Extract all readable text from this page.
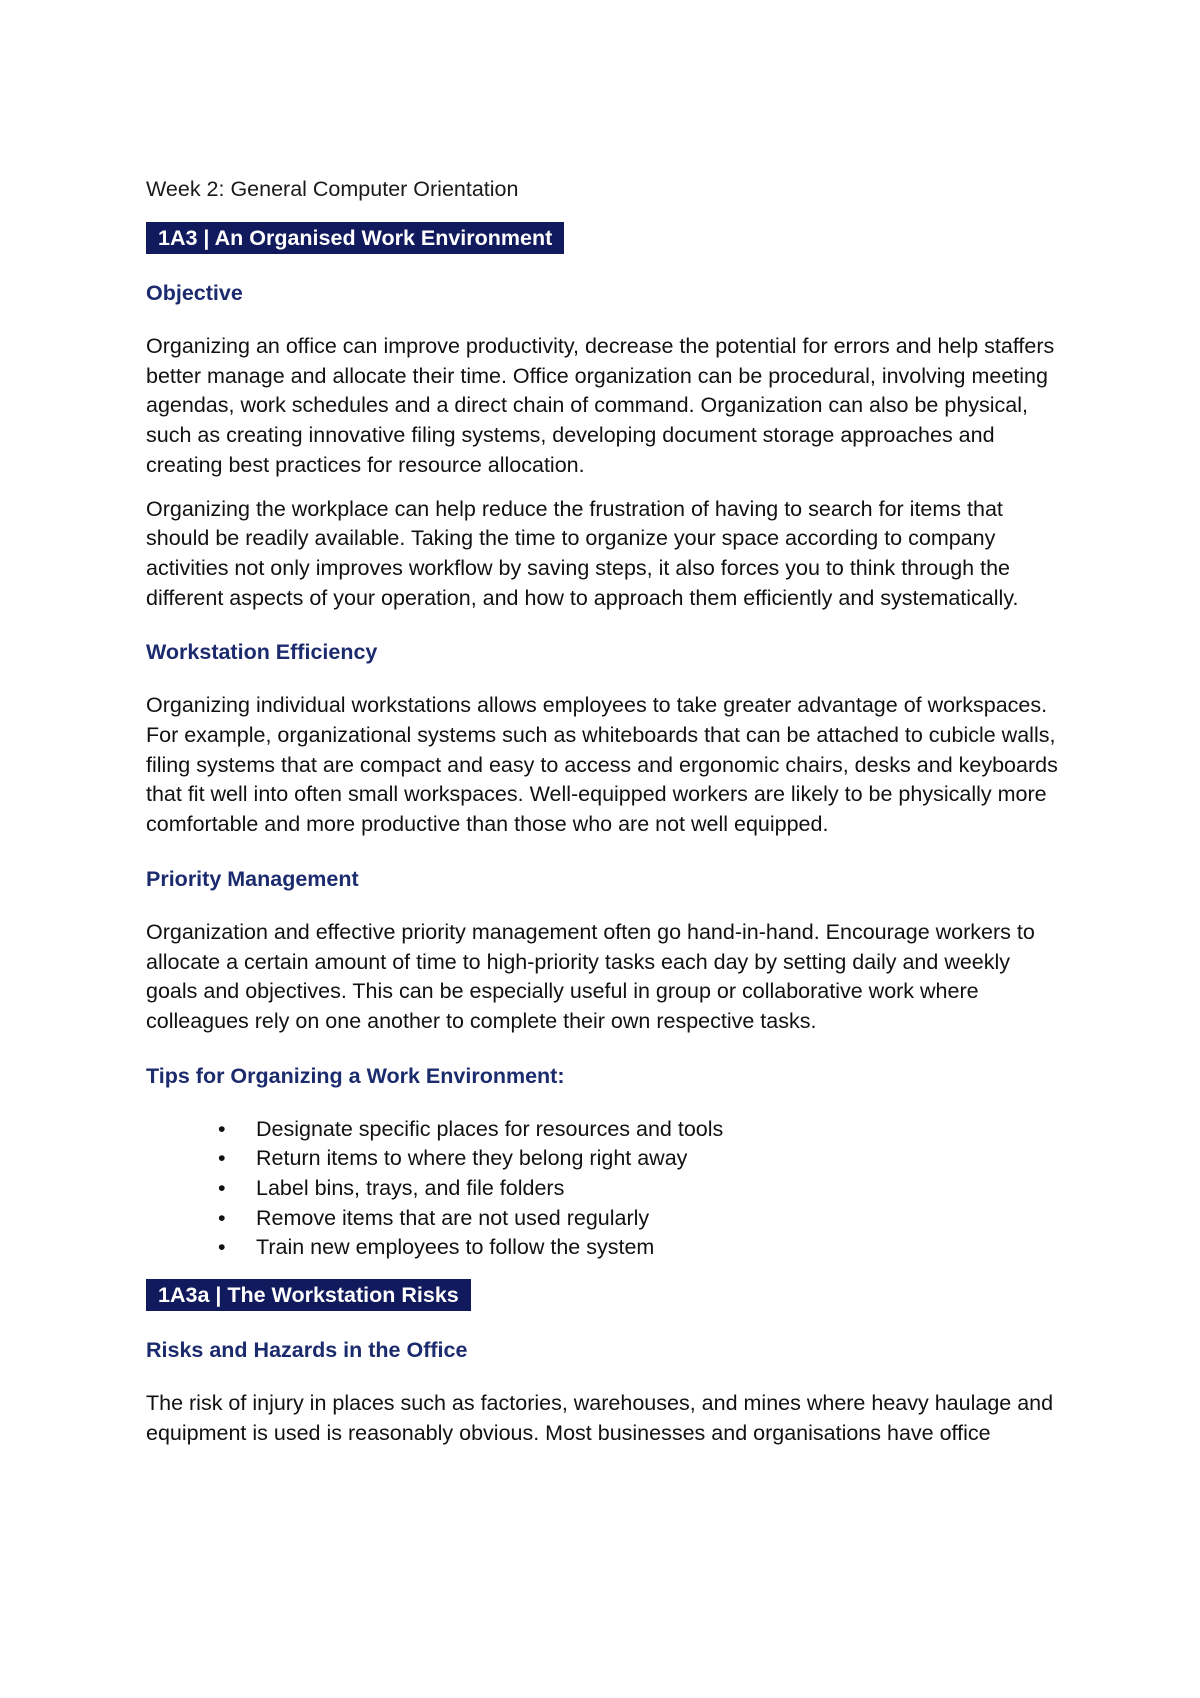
Week 2: General Computer Orientation
1A3 | An Organised Work Environment
Objective

Organizing an office can improve productivity, decrease the potential for errors and help staffers better manage and allocate their time. Office organization can be procedural, involving meeting agendas, work schedules and a direct chain of command. Organization can also be physical, such as creating innovative filing systems, developing document storage approaches and creating best practices for resource allocation.

Organizing the workplace can help reduce the frustration of having to search for items that should be readily available. Taking the time to organize your space according to company activities not only improves workflow by saving steps, it also forces you to think through the different aspects of your operation, and how to approach them efficiently and systematically.

Workstation Efficiency

Organizing individual workstations allows employees to take greater advantage of workspaces. For example, organizational systems such as whiteboards that can be attached to cubicle walls, filing systems that are compact and easy to access and ergonomic chairs, desks and keyboards that fit well into often small workspaces. Well-equipped workers are likely to be physically more comfortable and more productive than those who are not well equipped.

Priority Management

Organization and effective priority management often go hand-in-hand. Encourage workers to allocate a certain amount of time to high-priority tasks each day by setting daily and weekly goals and objectives. This can be especially useful in group or collaborative work where colleagues rely on one another to complete their own respective tasks.

Tips for Organizing a Work Environment:
• Designate specific places for resources and tools
• Return items to where they belong right away
• Label bins, trays, and file folders
• Remove items that are not used regularly
• Train new employees to follow the system
1A3a | The Workstation Risks
Risks and Hazards in the Office

The risk of injury in places such as factories, warehouses, and mines where heavy haulage and equipment is used is reasonably obvious. Most businesses and organisations have office
